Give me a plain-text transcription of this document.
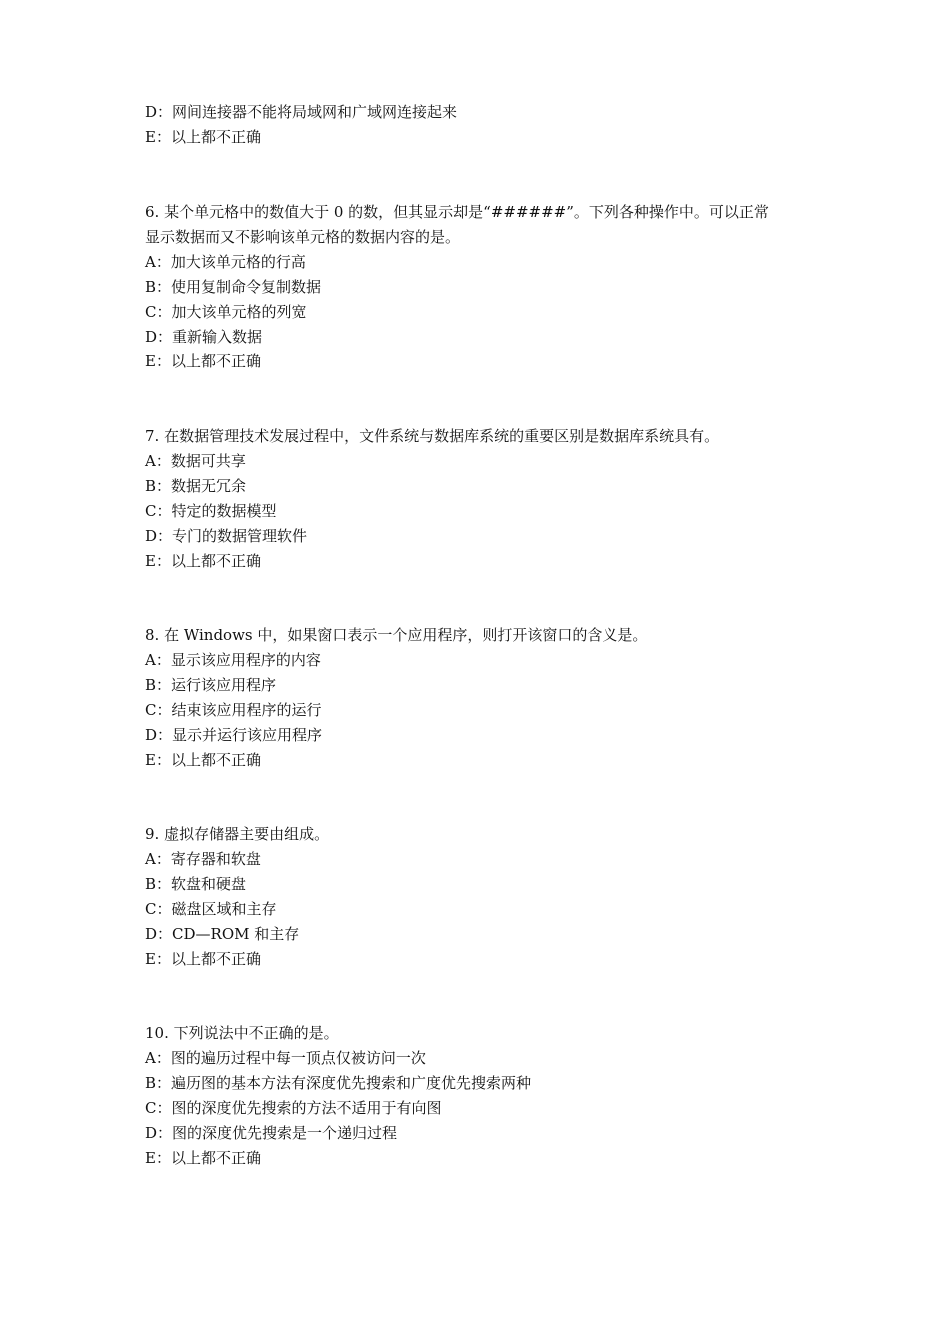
D：网间连接器不能将局域网和广域网连接起来
E：以上都不正确
6. 某个单元格中的数值大于 0 的数，但其显示却是“######”。下列各种操作中。可以正常
显示数据而又不影响该单元格的数据内容的是。
A：加大该单元格的行高
B：使用复制命令复制数据
C：加大该单元格的列宽
D：重新输入数据
E：以上都不正确
7. 在数据管理技术发展过程中，文件系统与数据库系统的重要区别是数据库系统具有。
A：数据可共享
B：数据无冗余
C：特定的数据模型
D：专门的数据管理软件
E：以上都不正确
8. 在 Windows 中，如果窗口表示一个应用程序，则打开该窗口的含义是。
A：显示该应用程序的内容
B：运行该应用程序
C：结束该应用程序的运行
D：显示并运行该应用程序
E：以上都不正确
9. 虚拟存储器主要由组成。
A：寄存器和软盘
B：软盘和硬盘
C：磁盘区域和主存
D：CD—ROM 和主存
E：以上都不正确
10. 下列说法中不正确的是。
A：图的遍历过程中每一顶点仅被访问一次
B：遍历图的基本方法有深度优先搜索和广度优先搜索两种
C：图的深度优先搜索的方法不适用于有向图
D：图的深度优先搜索是一个递归过程
E：以上都不正确
